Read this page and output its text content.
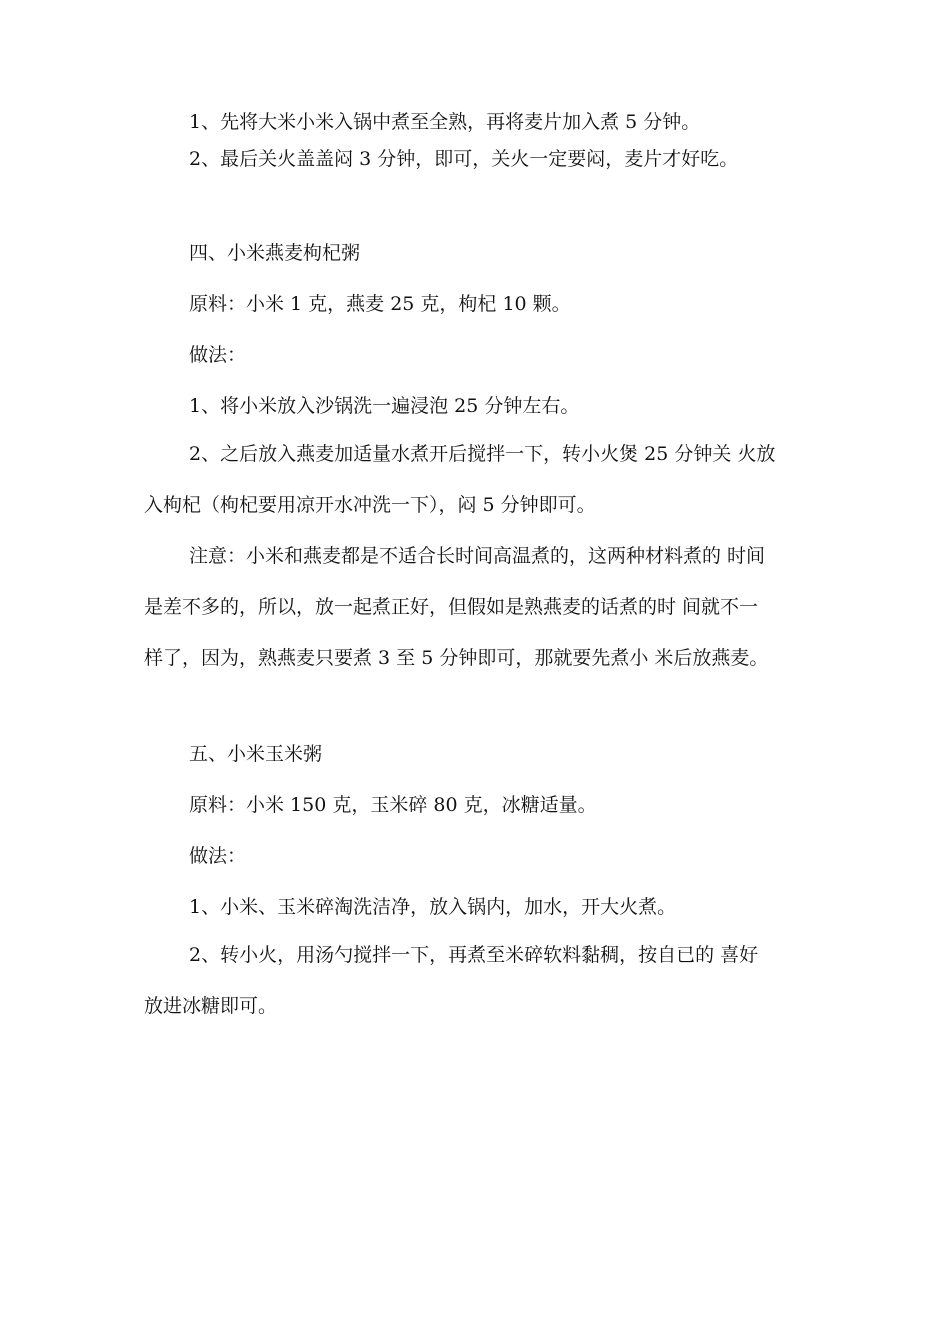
1、先将大米小米入锅中煮至全熟，再将麦片加入煮 5 分钟。
2、最后关火盖盖闷 3 分钟，即可，关火一定要闷，麦片才好吃。
四、小米燕麦枸杞粥
原料：小米 1 克，燕麦 25 克，枸杞 10 颗。
做法：
1、将小米放入沙锅洗一遍浸泡 25 分钟左右。
2、之后放入燕麦加适量水煮开后搅拌一下，转小火煲 25 分钟关 火放
入枸杞（枸杞要用凉开水冲洗一下），闷 5 分钟即可。
注意：小米和燕麦都是不适合长时间高温煮的，这两种材料煮的 时间
是差不多的，所以，放一起煮正好，但假如是熟燕麦的话煮的时 间就不一
样了，因为，熟燕麦只要煮 3 至 5 分钟即可，那就要先煮小 米后放燕麦。
五、小米玉米粥
原料：小米 150 克，玉米碎 80 克，冰糖适量。
做法：
1、小米、玉米碎淘洗洁净，放入锅内，加水，开大火煮。
2、转小火，用汤勺搅拌一下，再煮至米碎软料黏稠，按自已的 喜好
放进冰糖即可。
